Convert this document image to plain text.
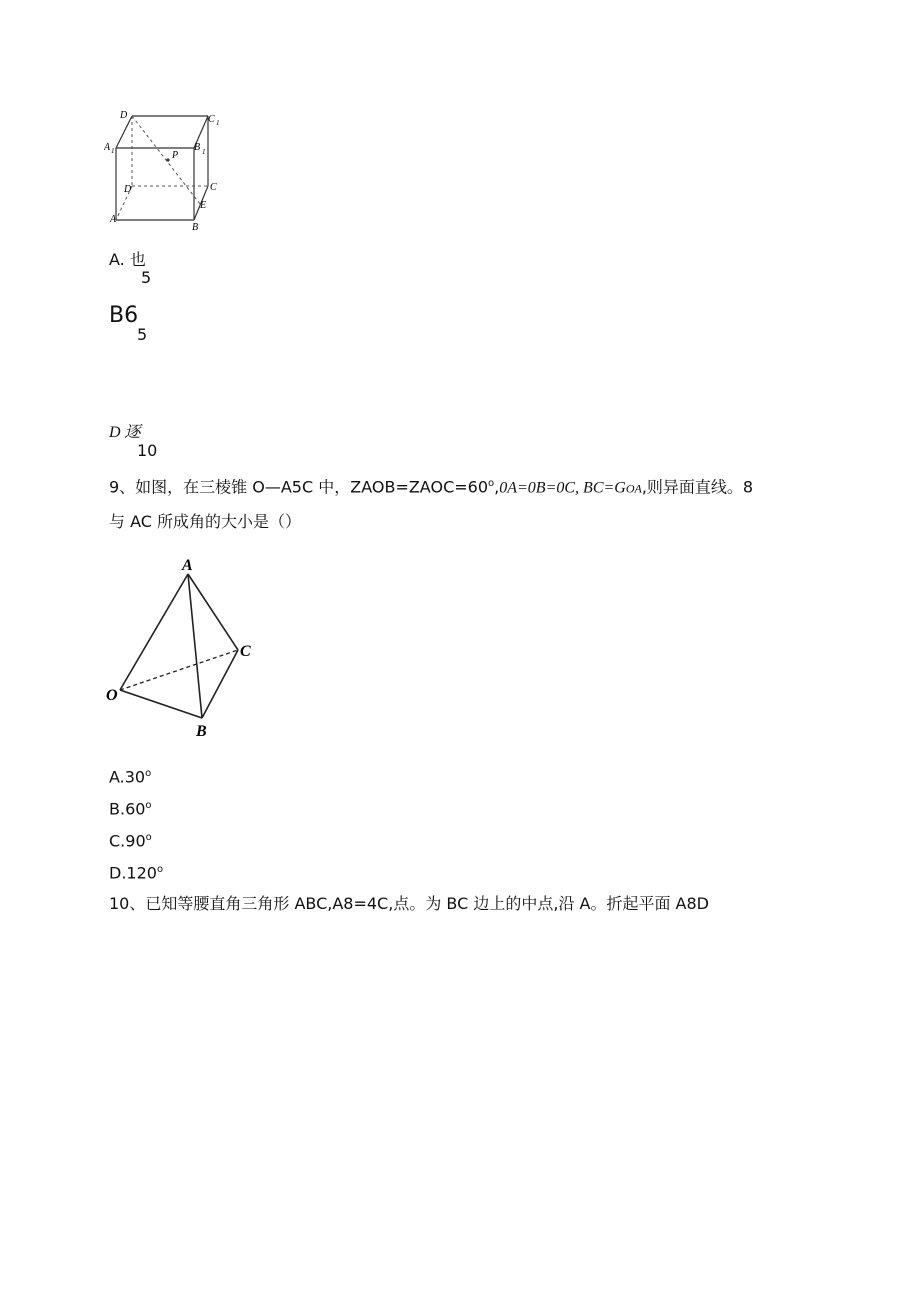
D	C 1
A 1	B 1
P
D	C
E
A
B
A. 也
5
B6
5
D 逐
10
9、如图，在三棱锥 O—A5C 中，$ZAOB=ZAOC=60^o,0A=0B=0C$, BC=GOA,则异面直线。8
与 AC 所成角的大小是（）
A
B
C
O
A.30$^o$
B.60$^o$
C.90$^o$
D.120$^o$
10、已知等腰直角三角形 ABC,A8=4C,点。为 BC 边上的中点,沿 A。折起平面 A8D
